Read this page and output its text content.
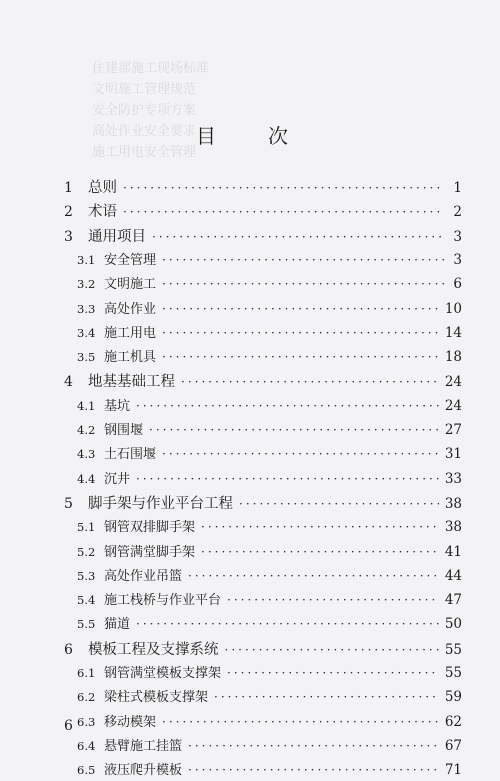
住建部施工现场标准
文明施工管理规范
安全防护专项方案
高处作业安全要求
施工用电安全管理
目　次
1	总则 ·····	1
2	术语 ·····	2
3	通用项目 ·····	3
3.1 安全管理 ·····	3
3.2 文明施工 ·····	6
3.3 高处作业 ·····	10
3.4 施工用电 ·····	14
3.5 施工机具 ·····	18
4	地基基础工程 ·····	24
4.1 基坑 ·····	24
4.2 钢围堰 ·····	27
4.3 土石围堰 ·····	31
4.4 沉井 ·····	33
5	脚手架与作业平台工程 ·····	38
5.1 钢管双排脚手架 ·····	38
5.2 钢管满堂脚手架 ·····	41
5.3 高处作业吊篮 ·····	44
5.4 施工栈桥与作业平台 ·····	47
5.5 猫道 ·····	50
6	模板工程及支撑系统 ·····	55
6.1 钢管满堂模板支撑架 ·····	55
6.2 梁柱式模板支撑架 ·····	59
6.3 移动模架 ·····	62
6.4 悬臂施工挂篮 ·····	67
6.5 液压爬升模板 ·····	71
6
